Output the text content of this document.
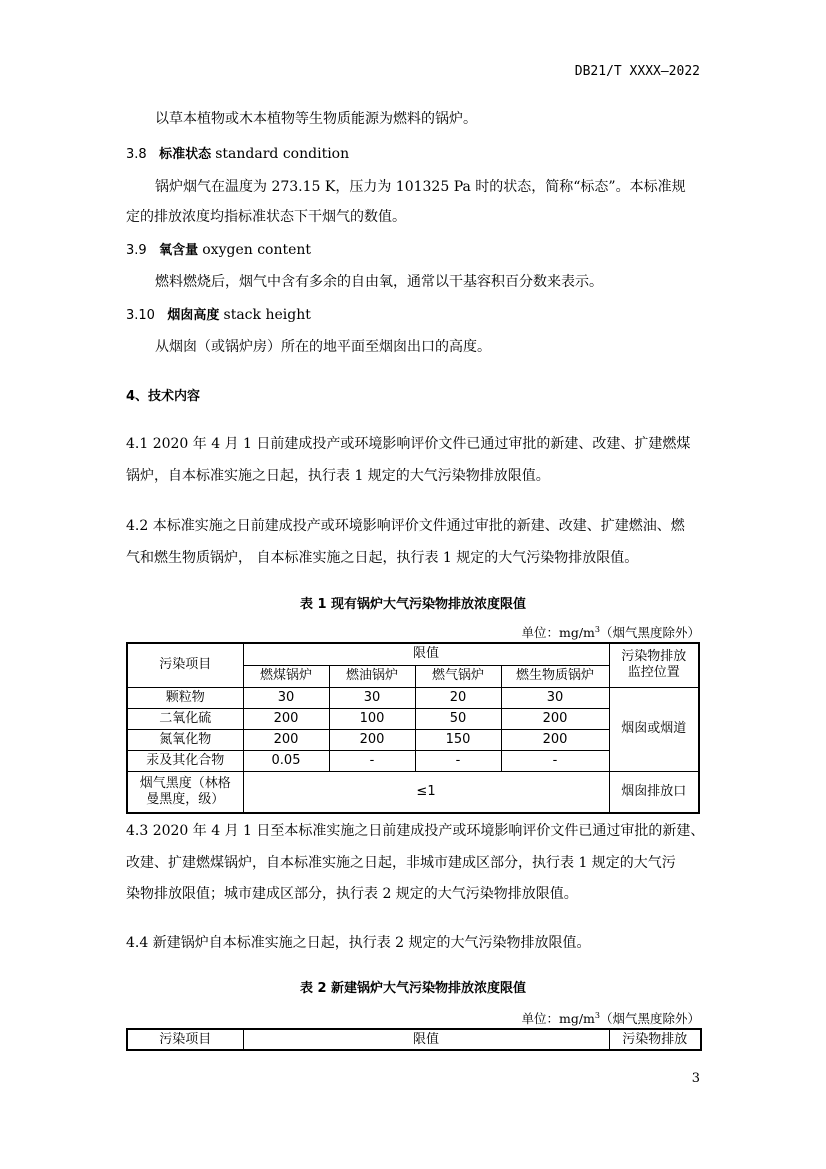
DB21/T XXXX—2022
以草本植物或木本植物等生物质能源为燃料的锅炉。
3.8 标准状态 standard condition
锅炉烟气在温度为 273.15 K，压力为 101325 Pa 时的状态，简称“标态”。本标准规
定的排放浓度均指标准状态下干烟气的数值。
3.9 氧含量 oxygen content
燃料燃烧后，烟气中含有多余的自由氧，通常以干基容积百分数来表示。
3.10 烟囱高度 stack height
从烟囱（或锅炉房）所在的地平面至烟囱出口的高度。
4、技术内容
4.1 2020 年 4 月 1 日前建成投产或环境影响评价文件已通过审批的新建、改建、扩建燃煤
锅炉，自本标准实施之日起，执行表 1 规定的大气污染物排放限值。
4.2 本标准实施之日前建成投产或环境影响评价文件通过审批的新建、改建、扩建燃油、燃
气和燃生物质锅炉， 自本标准实施之日起，执行表 1 规定的大气污染物排放限值。
表 1 现有锅炉大气污染物排放浓度限值
单位：$mg/m^3$（烟气黑度除外）
污染项目	限值				污染物排放
监控位置
	燃煤锅炉	燃油锅炉	燃气锅炉	燃生物质锅炉	
颗粒物	30	30	20	30	烟囱或烟道
二氧化硫	200	100	50	200	
氮氧化物	200	200	150	200	
汞及其化合物	0.05	-	-	-	
烟气黑度（林格
曼黑度，级）	≤1				烟囱排放口
4.3 2020 年 4 月 1 日至本标准实施之日前建成投产或环境影响评价文件已通过审批的新建、
改建、扩建燃煤锅炉，自本标准实施之日起，非城市建成区部分，执行表 1 规定的大气污
染物排放限值；城市建成区部分，执行表 2 规定的大气污染物排放限值。
4.4 新建锅炉自本标准实施之日起，执行表 2 规定的大气污染物排放限值。
表 2 新建锅炉大气污染物排放浓度限值
单位：$mg/m^3$（烟气黑度除外）
污染项目	限值	污染物排放
3
